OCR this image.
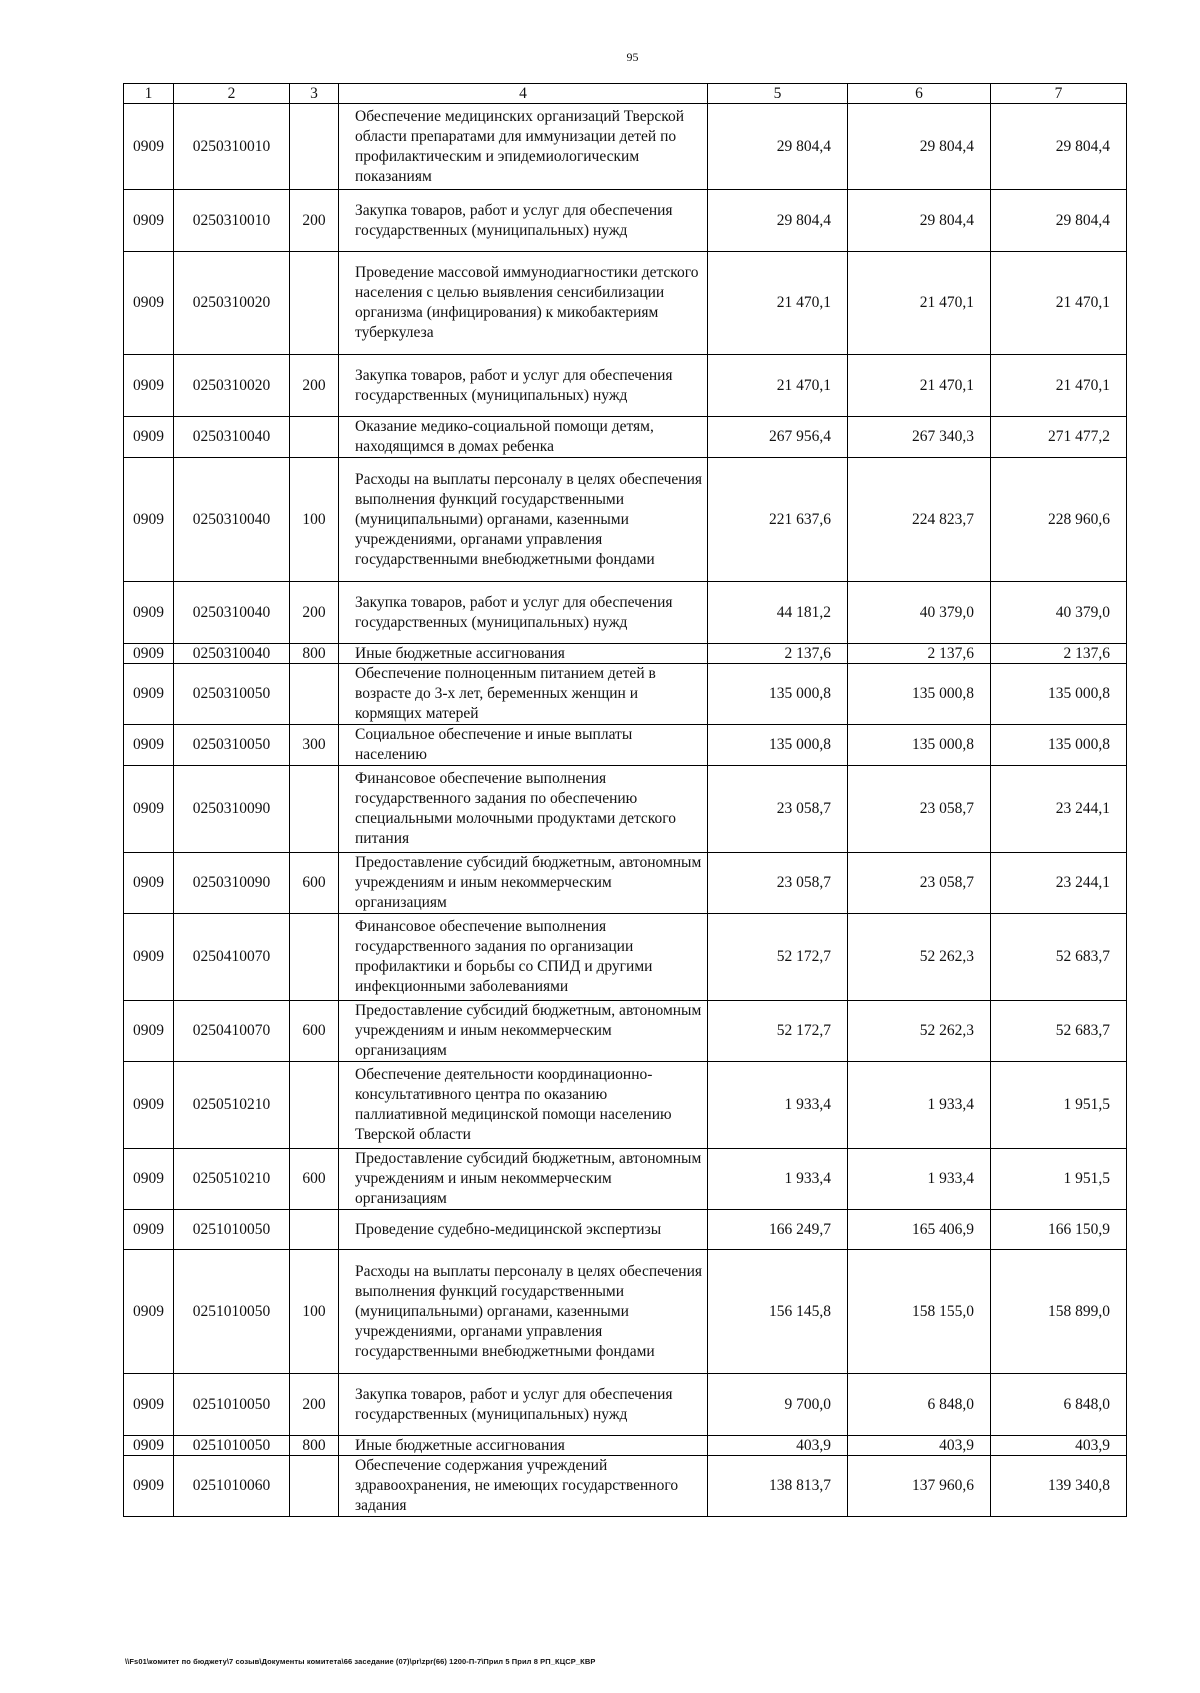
95
1	2	3	4	5	6	7
0909	0250310010		Обеспечение медицинских организаций Тверской области препаратами для иммунизации детей по профилактическим и эпидемиологическим показаниям	29 804,4	29 804,4	29 804,4
0909	0250310010	200	Закупка товаров, работ и услуг для обеспечения государственных (муниципальных) нужд	29 804,4	29 804,4	29 804,4
0909	0250310020		Проведение массовой иммунодиагностики детского населения с целью выявления сенсибилизации организма (инфицирования) к микобактериям туберкулеза	21 470,1	21 470,1	21 470,1
0909	0250310020	200	Закупка товаров, работ и услуг для обеспечения государственных (муниципальных) нужд	21 470,1	21 470,1	21 470,1
0909	0250310040		Оказание медико-социальной помощи детям, находящимся в домах ребенка	267 956,4	267 340,3	271 477,2
0909	0250310040	100	Расходы на выплаты персоналу в целях обеспечения выполнения функций государственными (муниципальными) органами, казенными учреждениями, органами управления государственными внебюджетными фондами	221 637,6	224 823,7	228 960,6
0909	0250310040	200	Закупка товаров, работ и услуг для обеспечения государственных (муниципальных) нужд	44 181,2	40 379,0	40 379,0
0909	0250310040	800	Иные бюджетные ассигнования	2 137,6	2 137,6	2 137,6
0909	0250310050		Обеспечение полноценным питанием детей в возрасте до 3-х лет, беременных женщин и кормящих матерей	135 000,8	135 000,8	135 000,8
0909	0250310050	300	Социальное обеспечение и иные выплаты населению	135 000,8	135 000,8	135 000,8
0909	0250310090		Финансовое обеспечение выполнения государственного задания по обеспечению специальными молочными продуктами детского питания	23 058,7	23 058,7	23 244,1
0909	0250310090	600	Предоставление субсидий бюджетным, автономным учреждениям и иным некоммерческим организациям	23 058,7	23 058,7	23 244,1
0909	0250410070		Финансовое обеспечение выполнения государственного задания по организации профилактики и борьбы со СПИД и другими инфекционными заболеваниями	52 172,7	52 262,3	52 683,7
0909	0250410070	600	Предоставление субсидий бюджетным, автономным учреждениям и иным некоммерческим организациям	52 172,7	52 262,3	52 683,7
0909	0250510210		Обеспечение деятельности координационно-консультативного центра по оказанию паллиативной медицинской помощи населению Тверской области	1 933,4	1 933,4	1 951,5
0909	0250510210	600	Предоставление субсидий бюджетным, автономным учреждениям и иным некоммерческим организациям	1 933,4	1 933,4	1 951,5
0909	0251010050		Проведение судебно-медицинской экспертизы	166 249,7	165 406,9	166 150,9
0909	0251010050	100	Расходы на выплаты персоналу в целях обеспечения выполнения функций государственными (муниципальными) органами, казенными учреждениями, органами управления государственными внебюджетными фондами	156 145,8	158 155,0	158 899,0
0909	0251010050	200	Закупка товаров, работ и услуг для обеспечения государственных (муниципальных) нужд	9 700,0	6 848,0	6 848,0
0909	0251010050	800	Иные бюджетные ассигнования	403,9	403,9	403,9
0909	0251010060		Обеспечение содержания учреждений здравоохранения, не имеющих государственного задания	138 813,7	137 960,6	139 340,8
\\Fs01\комитет по бюджету\7 созыв\Документы комитета\66 заседание (07)\pr\zpr(66) 1200-П-7\Прил 5 Прил 8 РП_КЦСР_КВР
